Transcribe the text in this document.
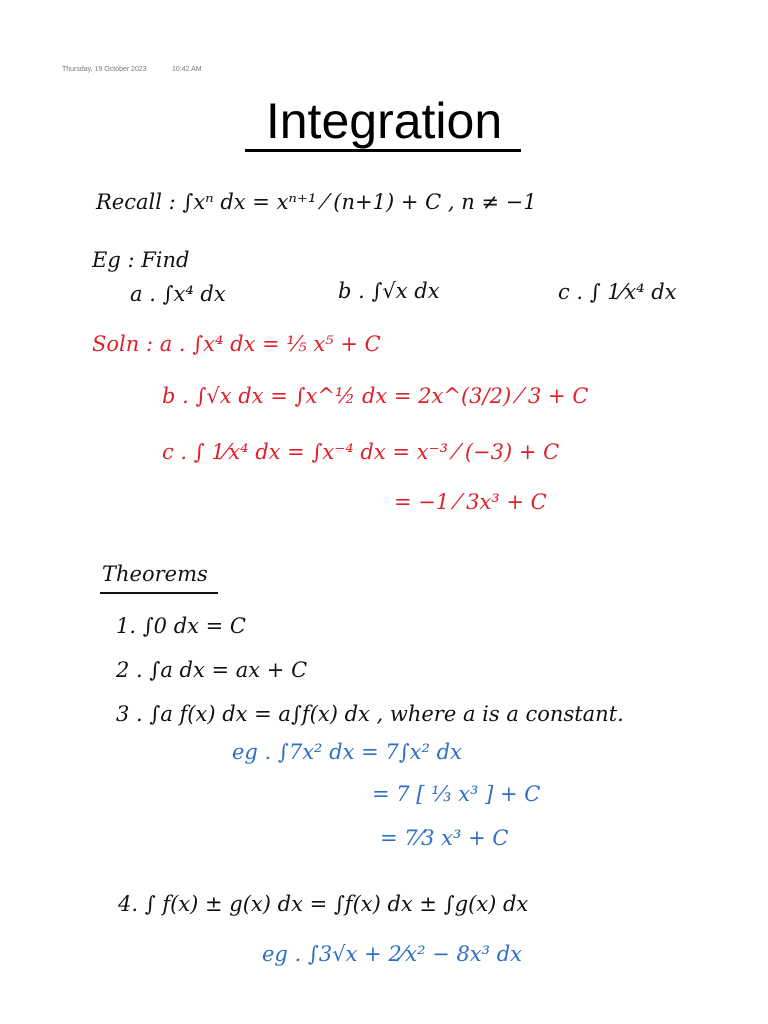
Thursday, 19 October 2023	10:42 AM
Integration
Recall : ∫xⁿ dx = xⁿ⁺¹ ⁄ (n+1) + C , n ≠ −1
Eg : Find
a . ∫x⁴ dx	b . ∫√x dx	c . ∫ 1⁄x⁴ dx
Soln : a . ∫x⁴ dx = ⅕ x⁵ + C
b . ∫√x dx = ∫x^½ dx = 2x^(3/2) ⁄ 3 + C
c . ∫ 1⁄x⁴ dx = ∫x⁻⁴ dx = x⁻³ ⁄ (−3) + C
= −1 ⁄ 3x³ + C
Theorems
1. ∫0 dx = C
2 . ∫a dx = ax + C
3 . ∫a f(x) dx = a∫f(x) dx , where a is a constant.
eg . ∫7x² dx = 7∫x² dx
= 7 [ ⅓ x³ ] + C
= 7⁄3 x³ + C
4. ∫ f(x) ± g(x) dx = ∫f(x) dx ± ∫g(x) dx
eg . ∫3√x + 2⁄x² − 8x³ dx
